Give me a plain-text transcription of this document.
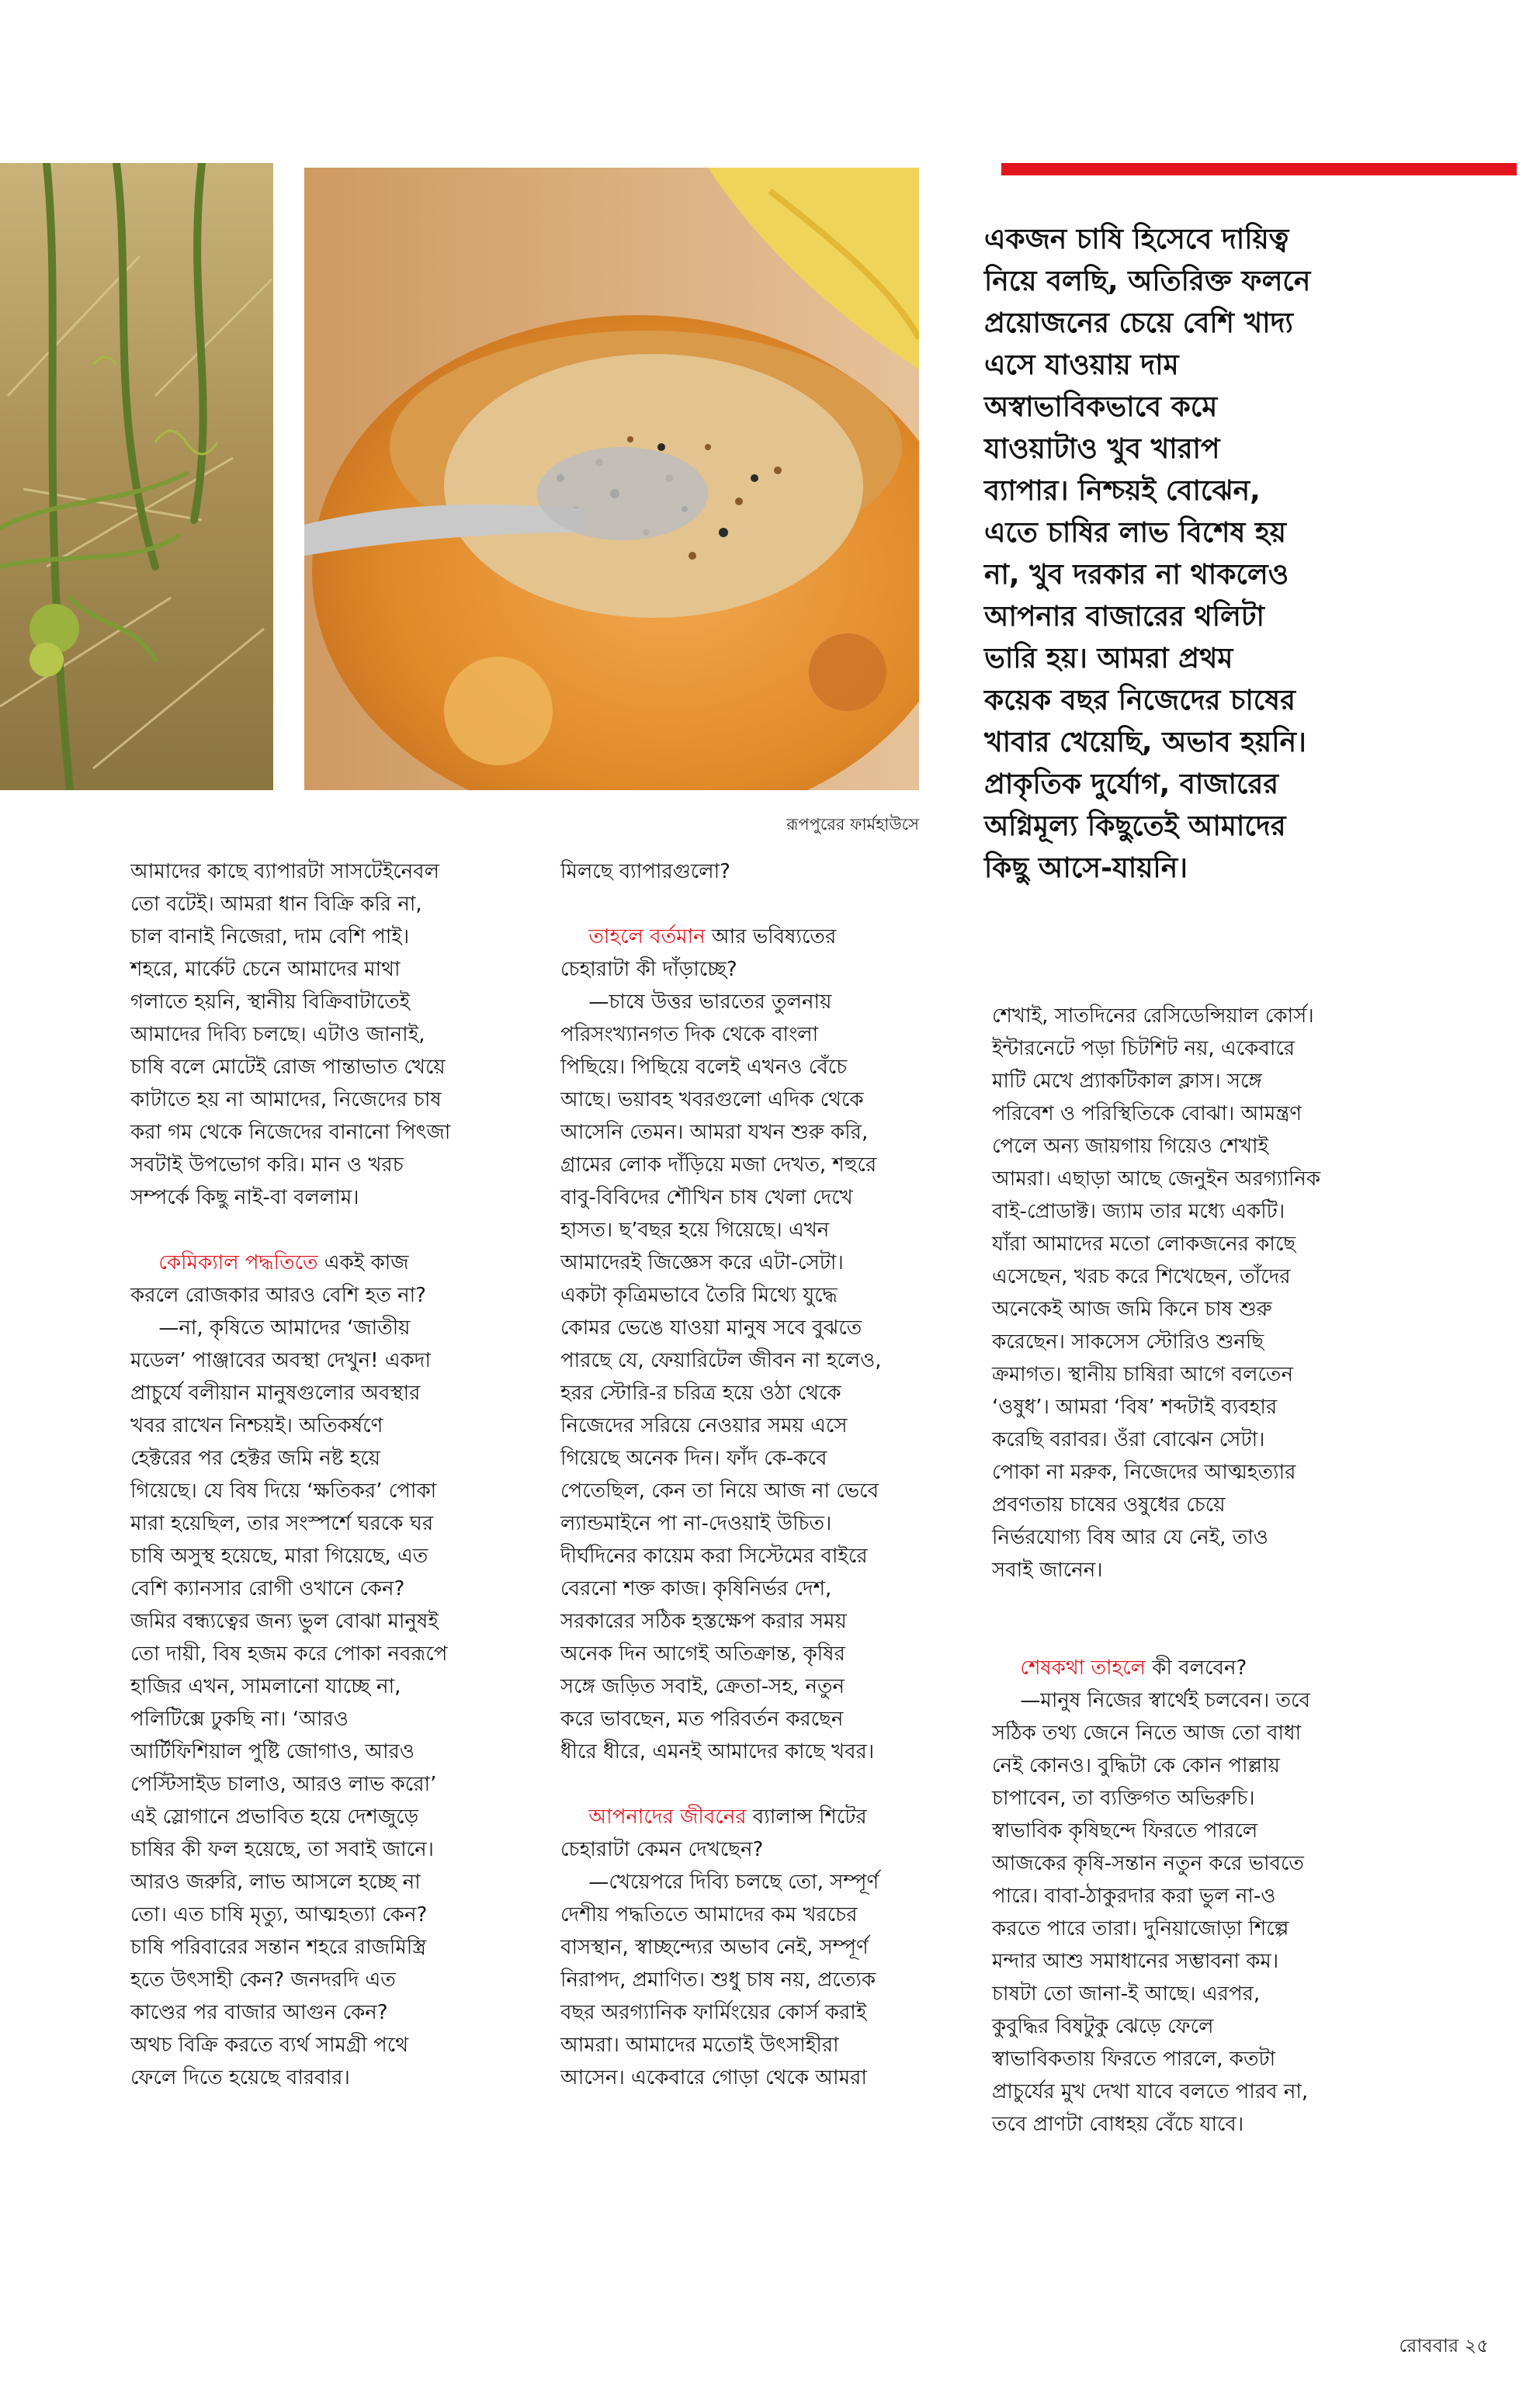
রূপপুরের ফার্মহাউসে

একজন চাষি হিসেবে দায়িত্ব

নিয়ে বলছি, অতিরিক্ত ফলনে

প্রয়োজনের চেয়ে বেশি খাদ্য

এসে যাওয়ায় দাম

অস্বাভাবিকভাবে কমে

যাওয়াটাও খুব খারাপ

ব্যাপার। নিশ্চয়ই বোঝেন,

এতে চাষির লাভ বিশেষ হয়

না, খুব দরকার না থাকলেও

আপনার বাজারের থলিটা

ভারি হয়। আমরা প্রথম

কয়েক বছর নিজেদের চাষের

খাবার খেয়েছি, অভাব হয়নি।

প্রাকৃতিক দুর্যোগ, বাজারের

অগ্নিমূল্য কিছুতেই আমাদের

কিছু আসে-যায়নি।

আমাদের কাছে ব্যাপারটা সাসটেইনেবল

তো বটেই। আমরা ধান বিক্রি করি না,

চাল বানাই নিজেরা, দাম বেশি পাই।

শহরে, মার্কেট চেনে আমাদের মাথা

গলাতে হয়নি, স্থানীয় বিক্রিবাটাতেই

আমাদের দিব্যি চলছে। এটাও জানাই,

চাষি বলে মোটেই রোজ পান্তাভাত খেয়ে

কাটাতে হয় না আমাদের, নিজেদের চাষ

করা গম থেকে নিজেদের বানানো পিৎজা

সবটাই উপভোগ করি। মান ও খরচ

সম্পর্কে কিছু নাই-বা বললাম।

কেমিক্যাল পদ্ধতিতে একই কাজ

করলে রোজকার আরও বেশি হত না?

—না, কৃষিতে আমাদের ‘জাতীয়

মডেল’ পাঞ্জাবের অবস্থা দেখুন! একদা

প্রাচুর্যে বলীয়ান মানুষগুলোর অবস্থার

খবর রাখেন নিশ্চয়ই। অতিকর্ষণে

হেক্টরের পর হেক্টর জমি নষ্ট হয়ে

গিয়েছে। যে বিষ দিয়ে ‘ক্ষতিকর’ পোকা

মারা হয়েছিল, তার সংস্পর্শে ঘরকে ঘর

চাষি অসুস্থ হয়েছে, মারা গিয়েছে, এত

বেশি ক্যানসার রোগী ওখানে কেন?

জমির বন্ধ্যত্বের জন্য ভুল বোঝা মানুষই

তো দায়ী, বিষ হজম করে পোকা নবরূপে

হাজির এখন, সামলানো যাচ্ছে না,

পলিটিক্সে ঢুকছি না। ‘আরও

আর্টিফিশিয়াল পুষ্টি জোগাও, আরও

পেস্টিসাইড চালাও, আরও লাভ করো’

এই স্লোগানে প্রভাবিত হয়ে দেশজুড়ে

চাষির কী ফল হয়েছে, তা সবাই জানে।

আরও জরুরি, লাভ আসলে হচ্ছে না

তো। এত চাষি মৃত্যু, আত্মহত্যা কেন?

চাষি পরিবারের সন্তান শহরে রাজমিস্ত্রি

হতে উৎসাহী কেন? জনদরদি এত

কাণ্ডের পর বাজার আগুন কেন?

অথচ বিক্রি করতে ব্যর্থ সামগ্রী পথে

ফেলে দিতে হয়েছে বারবার।

মিলছে ব্যাপারগুলো?

তাহলে বর্তমান আর ভবিষ্যতের

চেহারাটা কী দাঁড়াচ্ছে?

—চাষে উত্তর ভারতের তুলনায়

পরিসংখ্যানগত দিক থেকে বাংলা

পিছিয়ে। পিছিয়ে বলেই এখনও বেঁচে

আছে। ভয়াবহ খবরগুলো এদিক থেকে

আসেনি তেমন। আমরা যখন শুরু করি,

গ্রামের লোক দাঁড়িয়ে মজা দেখত, শহুরে

বাবু-বিবিদের শৌখিন চাষ খেলা দেখে

হাসত। ছ’বছর হয়ে গিয়েছে। এখন

আমাদেরই জিজ্ঞেস করে এটা-সেটা।

একটা কৃত্রিমভাবে তৈরি মিথ্যে যুদ্ধে

কোমর ভেঙে যাওয়া মানুষ সবে বুঝতে

পারছে যে, ফেয়ারিটেল জীবন না হলেও,

হরর স্টোরি-র চরিত্র হয়ে ওঠা থেকে

নিজেদের সরিয়ে নেওয়ার সময় এসে

গিয়েছে অনেক দিন। ফাঁদ কে-কবে

পেতেছিল, কেন তা নিয়ে আজ না ভেবে

ল্যান্ডমাইনে পা না-দেওয়াই উচিত।

দীর্ঘদিনের কায়েম করা সিস্টেমের বাইরে

বেরনো শক্ত কাজ। কৃষিনির্ভর দেশ,

সরকারের সঠিক হস্তক্ষেপ করার সময়

অনেক দিন আগেই অতিক্রান্ত, কৃষির

সঙ্গে জড়িত সবাই, ক্রেতা-সহ, নতুন

করে ভাবছেন, মত পরিবর্তন করছেন

ধীরে ধীরে, এমনই আমাদের কাছে খবর।

আপনাদের জীবনের ব্যালান্স শিটের

চেহারাটা কেমন দেখছেন?

—খেয়েপরে দিব্যি চলছে তো, সম্পূর্ণ

দেশীয় পদ্ধতিতে আমাদের কম খরচের

বাসস্থান, স্বাচ্ছন্দ্যের অভাব নেই, সম্পূর্ণ

নিরাপদ, প্রমাণিত। শুধু চাষ নয়, প্রত্যেক

বছর অরগ্যানিক ফার্মিংয়ের কোর্স করাই

আমরা। আমাদের মতোই উৎসাহীরা

আসেন। একেবারে গোড়া থেকে আমরা

শেখাই, সাতদিনের রেসিডেন্সিয়াল কোর্স।

ইন্টারনেটে পড়া চিটশিট নয়, একেবারে

মাটি মেখে প্র্যাকটিকাল ক্লাস। সঙ্গে

পরিবেশ ও পরিস্থিতিকে বোঝা। আমন্ত্রণ

পেলে অন্য জায়গায় গিয়েও শেখাই

আমরা। এছাড়া আছে জেনুইন অরগ্যানিক

বাই-প্রোডাক্ট। জ্যাম তার মধ্যে একটি।

যাঁরা আমাদের মতো লোকজনের কাছে

এসেছেন, খরচ করে শিখেছেন, তাঁদের

অনেকেই আজ জমি কিনে চাষ শুরু

করেছেন। সাকসেস স্টোরিও শুনছি

ক্রমাগত। স্থানীয় চাষিরা আগে বলতেন

‘ওষুধ’। আমরা ‘বিষ’ শব্দটাই ব্যবহার

করেছি বরাবর। ওঁরা বোঝেন সেটা।

পোকা না মরুক, নিজেদের আত্মহত্যার

প্রবণতায় চাষের ওষুধের চেয়ে

নির্ভরযোগ্য বিষ আর যে নেই, তাও

সবাই জানেন।

শেষকথা তাহলে কী বলবেন?

—মানুষ নিজের স্বার্থেই চলবেন। তবে

সঠিক তথ্য জেনে নিতে আজ তো বাধা

নেই কোনও। বুদ্ধিটা কে কোন পাল্লায়

চাপাবেন, তা ব্যক্তিগত অভিরুচি।

স্বাভাবিক কৃষিছন্দে ফিরতে পারলে

আজকের কৃষি-সন্তান নতুন করে ভাবতে

পারে। বাবা-ঠাকুরদার করা ভুল না-ও

করতে পারে তারা। দুনিয়াজোড়া শিল্পে

মন্দার আশু সমাধানের সম্ভাবনা কম।

চাষটা তো জানা-ই আছে। এরপর,

কুবুদ্ধির বিষটুকু ঝেড়ে ফেলে

স্বাভাবিকতায় ফিরতে পারলে, কতটা

প্রাচুর্যের মুখ দেখা যাবে বলতে পারব না,

তবে প্রাণটা বোধহয় বেঁচে যাবে।

রোববার ২৫
